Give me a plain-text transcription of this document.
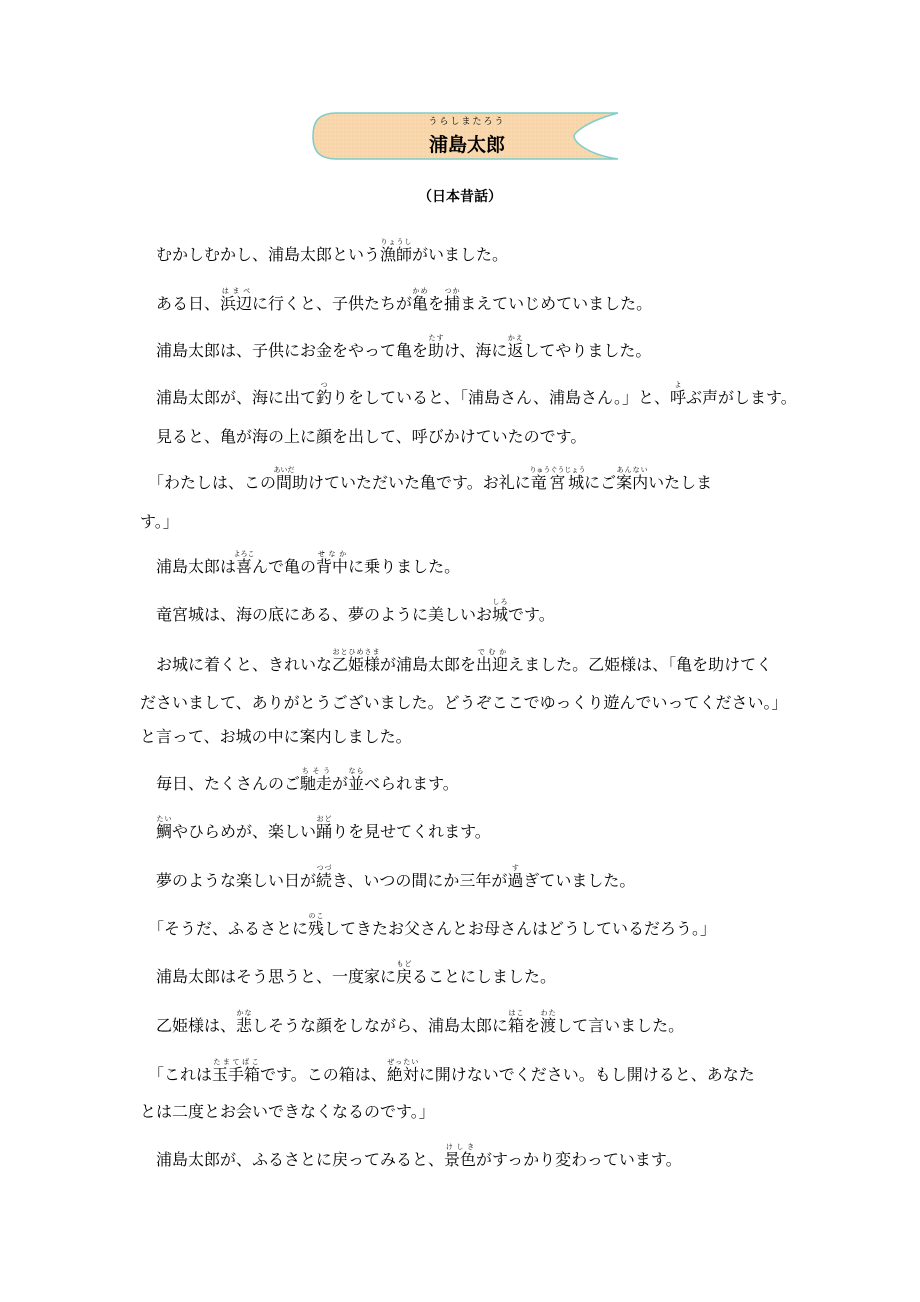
うらしまたろう
浦島太郎
（日本昔話）
　むかしむかし、浦島太郎という漁師りょうしがいました。
　ある日、浜辺はまべに行くと、子供たちが亀かめを捕つかまえていじめていました。
　浦島太郎は、子供にお金をやって亀を助たすけ、海に返かえしてやりました。
　浦島太郎が、海に出て釣つりをしていると、「浦島さん、浦島さん。」と、呼よぶ声がします。
　見ると、亀が海の上に顔を出して、呼びかけていたのです。
　「わたしは、この間あいだ助けていただいた亀です。お礼に竜宮城りゅうぐうじょうにご案内あんないいたしま
す。」
　浦島太郎は喜よろこんで亀の背中せなかに乗りました。
　竜宮城は、海の底にある、夢のように美しいお城しろです。
　お城に着くと、きれいな乙姫様おとひめさまが浦島太郎を出迎でむかえました。乙姫様は、「亀を助けてく
ださいまして、ありがとうございました。どうぞここでゆっくり遊んでいってください。」
と言って、お城の中に案内しました。
　毎日、たくさんのご馳走ちそうが並ならべられます。
　鯛たいやひらめが、楽しい踊おどりを見せてくれます。
　夢のような楽しい日が続つづき、いつの間にか三年が過すぎていました。
　「そうだ、ふるさとに残のこしてきたお父さんとお母さんはどうしているだろう。」
　浦島太郎はそう思うと、一度家に戻もどることにしました。
　乙姫様は、悲かなしそうな顔をしながら、浦島太郎に箱はこを渡わたして言いました。
　「これは玉手箱たまてばこです。この箱は、絶対ぜったいに開けないでください。もし開けると、あなた
とは二度とお会いできなくなるのです。」
　浦島太郎が、ふるさとに戻ってみると、景色けしきがすっかり変わっています。
